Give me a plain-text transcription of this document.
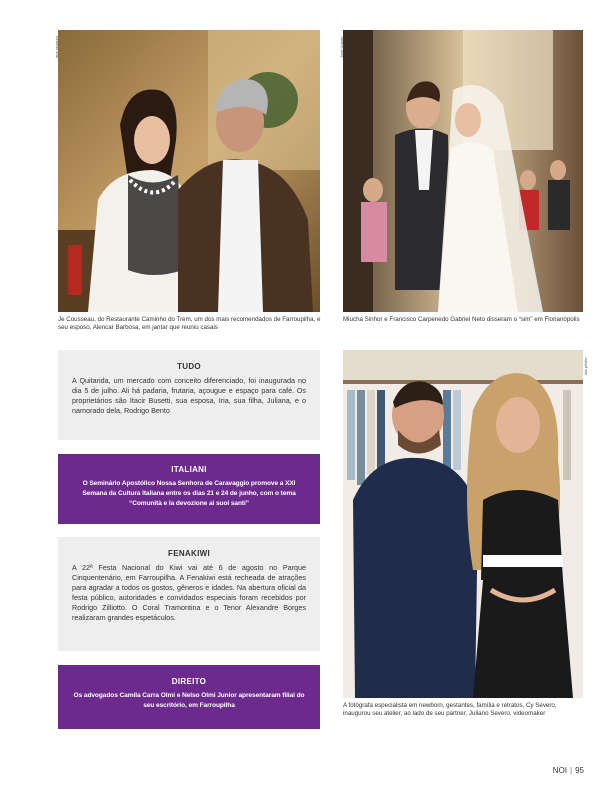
ana ragazzo
Je Cousseau, do Restaurante Caminho do Trem, um dos mais recomendados de Farroupilha, e seu esposo, Alencar Barbosa, em jantar que reuniu casais
José Ugarte
Miucha Sinhor e Francisco Carpenedo Gabriel Neto disseram o “sim” em Florianópolis
TUDO

A Quitanda, um mercado com conceito diferenciado, foi inaugurada no dia 5 de julho. Ali há padaria, frutaria, açougue e espaço para café. Os proprietários são Itacir Busetti, sua esposa, Iria, sua filha, Juliana, e o namorado dela, Rodrigo Bento

ITALIANI

O Seminário Apostólico Nossa Senhora de Caravaggio promove a XXI Semana da Cultura Italiana entre os dias 21 e 24 de junho, com o tema “Comunità e la devozione ai suoi santi”

FENAKIWI

A 22ª Festa Nacional do Kiwi vai até 6 de agosto no Parque Cinquentenário, em Farroupilha. A Fenakiwi está recheada de atrações para agradar a todos os gostos, gêneros e idades. Na abertura oficial da festa público, autoridades e convidados especiais foram recebidos por Rodrigo Zilliotto. O Coral Tramontina e o Tenor Alexandre Borges realizaram grandes espetáculos.

DIREITO

Os advogados Camila Carra Olmi e Nelso Olmi Junior apresentaram filial do seu escritório, em Farroupilha

luiz pilotto
A fotógrafa especialista em newborn, gestantes, família e retratos, Cy Severo, inaugurou seu atelier, ao lado de seu partner, Juliano Severo, videomaker
NOI | 95
